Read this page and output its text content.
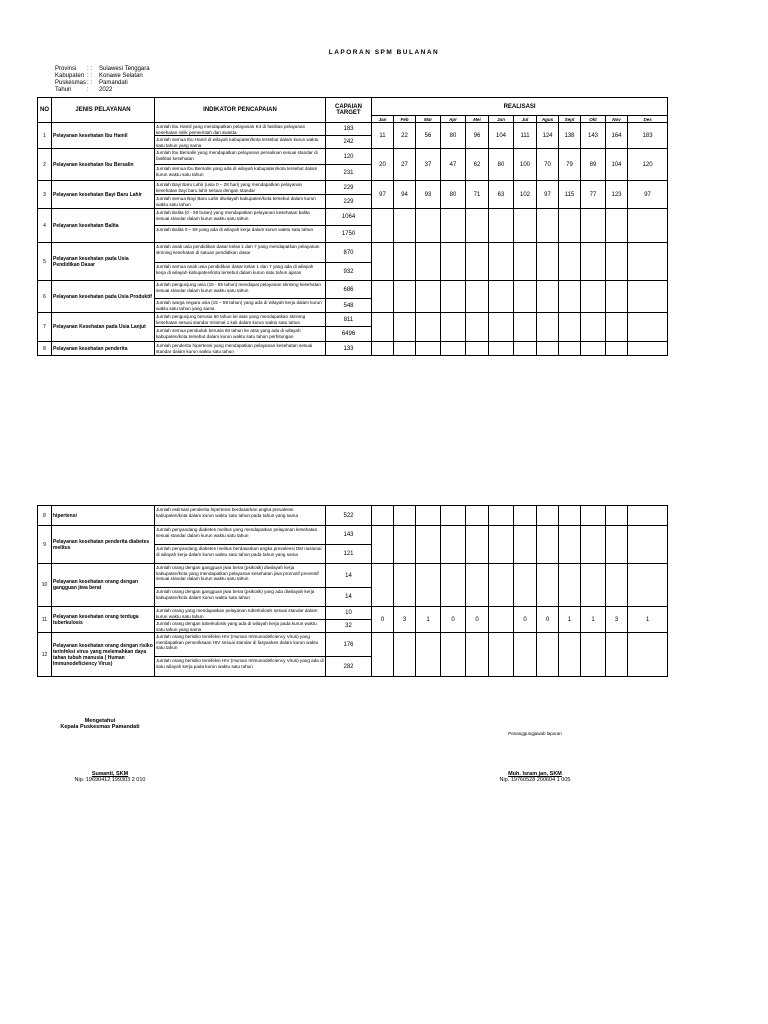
LAPORAN SPM BULANAN
Provinsi	: :	Sulawesi Tenggara
Kabupaten : :	Konawe Selatan
Puskesmas : :	Pamandati
Tahun	:	2022
NO	JENIS PELAYANAN	INDIKATOR PENCAPAIAN	CAPAIAN TARGET	REALISASI											
				Jan	Feb	Mar	Apr	Mei	Jun	Jul	Agus	Sept	Okt	Nov	Des
1	Pelayanan kesehatan Ibu Hamil	Jumlah Ibu Hamil yang mendapatkan pelayanan K4 di fasilitas pelayanan kesehatan milik pemerintah dan swasta.	183	11	22	56	80	96	104	111	124	138	143	164	183
		Jumlah semua Ibu Hamil di wilayah kabupaten/kota tersebut dalam kurun waktu satu tahun yang sama	242												
2	Pelayanan kesehatan Ibu Bersalin	Jumlah Ibu Bersalin yang mendapatkan pelayanan persalinan sesuai standar di fasilitas kesehatan	120	20	27	37	47	62	80	100	70	79	89	104	120
		Jumlah semua Ibu Bersalin yang ada di wilayah kabupaten/kota tersebut dalam kurun waktu satu tahun	231												
3	Pelayanan kesehatan Bayi Baru Lahir	Jumlah Bayi Baru Lahir (usia 0 – 28 hari) yang mendapatkan pelayanan kesehatan bayi baru lahir sesuai dengan standar	229	97	94	93	80	71	63	102	97	115	77	123	97
		Jumlah semua Bayi Baru Lahir diwilayah kabupaten/kota tersebut dalam kurun waktu satu tahun	229												
4	Pelayanan kesehatan Balita	Jumlah Balita (0 - 59 bulan) yang mendapatkan pelayanan kesehatan balita sesuai standar dalam kurun waktu satu tahun	1064												
		Jumlah Balita 0 – 59 yang ada di wilayah kerja dalam kurun waktu satu tahun	1750												
5	Pelayanan kesehatan pada Usia Pendidikan Dasar	Jumlah anak usia pendidikan dasar kelas 1 dan 7 yang mendapatkan pelayanan skrining kesehatan di satuan pendidikan dasar	870												
		Jumlah semua anak usia pendidikan dasar kelas 1 dan 7 yang ada di wilayah kerja di wilayah kabupaten/kota tersebut dalam kurun satu tahun ajaran	932												
6	Pelayanan kesehatan pada Usia Produktif	Jumlah pengunjung usia (15 - 59 tahun) mendapat pelayanan skrining kesehatan sesuai standar dalam kurun waktu satu tahun	686												
		Jumlah warga negara usia (15 – 59 tahun) yang ada di wilayah kerja dalam kurun waktu satu tahun yang sama	548												
7	Pelayanan Kesehatan pada Usia Lanjut	Jumlah pengunjung berusia 60 tahun ke atas yang mendapatkan skrining kesehatan sesuai standar minimal 1 kali dalam kurun waktu satu tahun	811												
		Jumlah semua penduduk berusia 60 tahun ke atas yang ada di wilayah kabupaten/kota tersebut dalam kurun waktu satu tahun perhitungan	6496												
8	Pelayanan kesehatan penderita	Jumlah penderita hipertensi yang mendapatkan pelayanan kesehatan sesuai standar dalam kurun waktu satu tahun	133												
8	hipertensi	Jumlah estimasi penderita hipertensi berdasarkan angka prevalensi kabupaten/kota dalam kurun waktu satu tahun pada tahun yang sama	522												
9	Pelayanan kesehatan penderita diabetes melitus	Jumlah penyandang diabetes melitus yang mendapatkan pelayanan kesehatan sesuai standar dalam kurun waktu satu tahun	143												
		Jumlah penyandang diabetes melitus berdasarkan angka prevalensi DM nasional di wilayah kerja dalam kurun waktu satu tahun pada tahun yang sama	121												
10	Pelayanan kesehatan orang dengan gangguan jiwa berat	Jumlah orang dengan gangguan jiwa berat (psikotik) diwilayah kerja kabupaten/kota yang mendapatkan pelayanan kesehatan jiwa promotif preventif sesuai standar dalam kurun waktu satu tahun	14												
		Jumlah orang dengan gangguan jiwa berat (psikotik) yang ada diwilayah kerja kabupaten/kota dalam kurun waktu satu tahun	14												
11	Pelayanan kesehatan orang terduga tuberkulosis	Jumlah orang yang mendapatkan pelayanan tuberkulosis sesuai standar dalam kurun waktu satu tahun	10	0	3	1	0	0		0	0	1	1	3	1
		Jumlah orang dengan tuberkulosis yang ada di wilayah kerja pada kurun waktu satu tahun yang sama	32												
12	Pelayanan kesehatan orang dengan risiko terinfeksi virus yang melemahkan daya tahan tubuh manusia ( Human Immunodeficiency Virus)	Jumlah orang berisiko terinfeksi HIV (Human Immunodeficiency Virus) yang mendapatkan pemeriksaan HIV sesuai standar di fasyankes dalam kurun waktu satu tahun	176												
		Jumlah orang berisiko terinfeksi HIV (Human Immunodeficiency Virus) yang ada di satu wilayah kerja pada kurun waktu satu tahun	282												
Mengetahui
Kepala Puskesmas Pamandati
Suwanti, SKM
Nip. 19690412 199303 2 010
Penanggungjawab laporan
Muh. Isram jan, SKM
Nip. 19760528 200604 1 005
